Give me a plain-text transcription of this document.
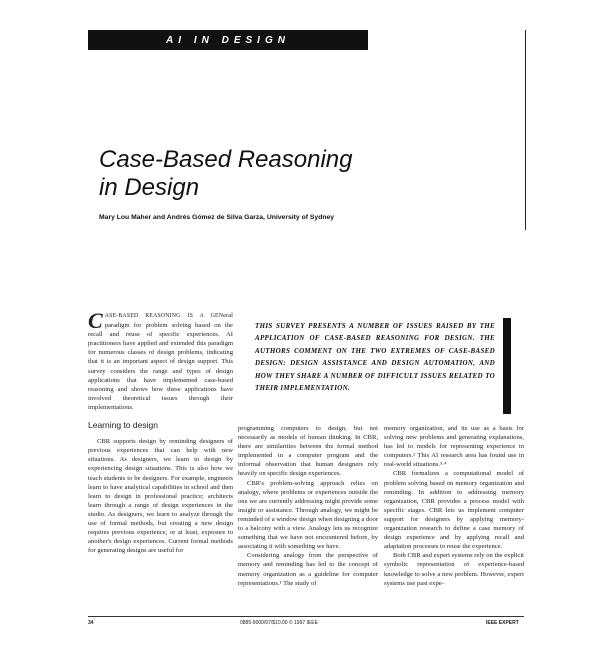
AI IN DESIGN
Case-Based Reasoning
in Design
Mary Lou Maher and Andrés Gómez de Silva Garza, University of Sydney

CASE-BASED REASONING IS A GENeral paradigm for problem solving based on the recall and reuse of specific experiences. AI practitioners have applied and extended this paradigm for numerous classes of design problems, indicating that it is an important aspect of design support. This survey considers the range and types of design applications that have implemented case-based reasoning and shows how these applications have involved theoretical issues through their implementations.

Learning to design

CBR supports design by reminding designers of previous experiences that can help with new situations. As designers, we learn to design by experiencing design situations. This is also how we teach students to be designers. For example, engineers learn to have analytical capabilities in school and then learn to design in professional practice; architects learn through a range of design experiences in the studio. As designers, we learn to analyze through the use of formal methods, but creating a new design requires previous experience, or at least, exposure to another's design experiences. Current formal methods for generating designs are useful for

THIS SURVEY PRESENTS A NUMBER OF ISSUES RAISED BY THE APPLICATION OF CASE-BASED REASONING FOR DESIGN. THE AUTHORS COMMENT ON THE TWO EXTREMES OF CASE-BASED DESIGN: DESIGN ASSISTANCE AND DESIGN AUTOMATION, AND HOW THEY SHARE A NUMBER OF DIFFICULT ISSUES RELATED TO THEIR IMPLEMENTATION.

programming computers to design, but not necessarily as models of human thinking. In CBR, there are similarities between the formal method implemented in a computer program and the informal observation that human designers rely heavily on specific design experiences.

CBR's problem-solving approach relies on analogy, where problems or experiences outside the one we are currently addressing might provide some insight or assistance. Through analogy, we might be reminded of a window design when designing a door to a balcony with a view. Analogy lets us recognize something that we have not encountered before, by associating it with something we have.

Considering analogy from the perspective of memory and reminding has led to the concept of memory organization as a guideline for computer representations.¹ The study of

memory organization, and its use as a basis for solving new problems and generating explanations, has led to models for representing experience in computers.² This AI research area has found use in real-world situations.³·⁴

CBR formalizes a computational model of problem solving based on memory organization and reminding. In addition to addressing memory organization, CBR provides a process model with specific stages. CBR lets us implement computer support for designers by applying memory-organization research to define a case memory of design experience and by applying recall and adaptation processes to reuse the experience.

Both CBR and expert systems rely on the explicit symbolic representation of experience-based knowledge to solve a new problem. However, expert systems use past expe-

34	0885-9000/97/$10.00 © 1997 IEEE	IEEE EXPERT
